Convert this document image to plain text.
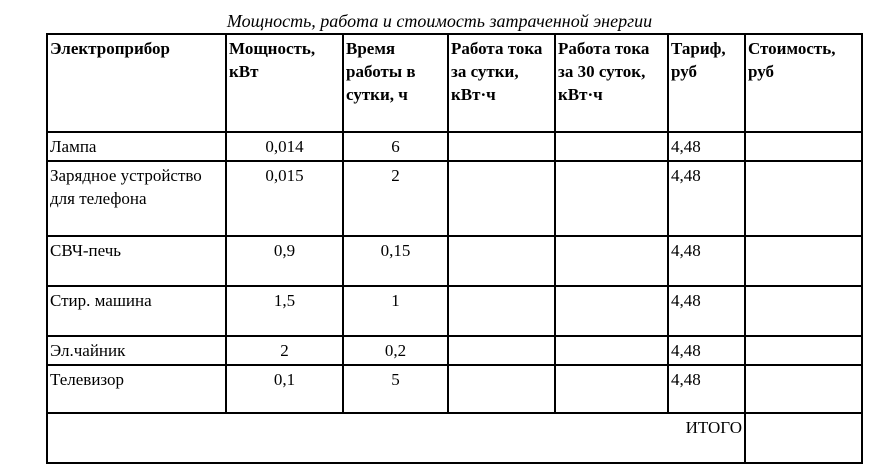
Мощность, работа и стоимость затраченной энергии
Электроприбор	Мощность, кВт	Время работы в сутки, ч	Работа тока за сутки, кВт·ч	Работа тока за 30 суток, кВт·ч	Тариф, руб	Стоимость, руб
Лампа	0,014	6			4,48	
Зарядное устройство для телефона	0,015	2			4,48	
СВЧ-печь	0,9	0,15			4,48	
Стир. машина	1,5	1			4,48	
Эл.чайник	2	0,2			4,48	
Телевизор	0,1	5			4,48	
ИТОГО						
